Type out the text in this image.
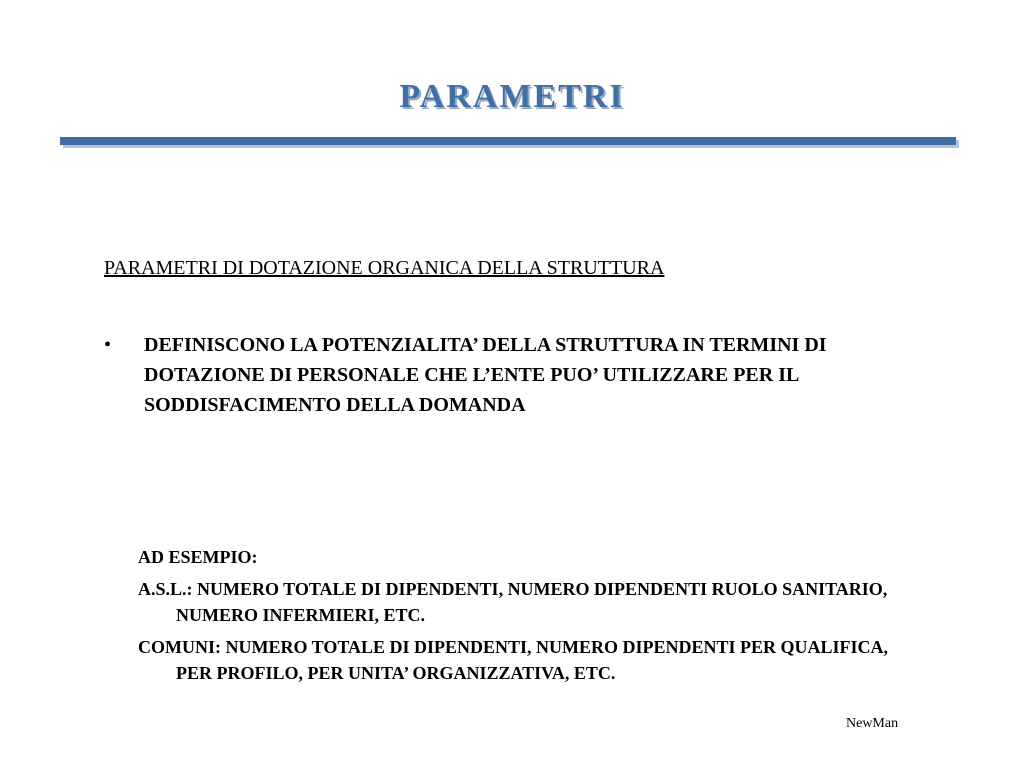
PARAMETRI

PARAMETRI DI DOTAZIONE ORGANICA DELLA STRUTTURA

• DEFINISCONO LA POTENZIALITA’ DELLA STRUTTURA IN TERMINI DI DOTAZIONE DI PERSONALE CHE L’ENTE PUO’ UTILIZZARE PER IL SODDISFACIMENTO DELLA DOMANDA
AD ESEMPIO:
A.S.L.: NUMERO TOTALE DI DIPENDENTI, NUMERO DIPENDENTI RUOLO SANITARIO, NUMERO INFERMIERI, ETC.
COMUNI: NUMERO TOTALE DI DIPENDENTI, NUMERO DIPENDENTI PER QUALIFICA, PER PROFILO, PER UNITA’ ORGANIZZATIVA, ETC.
NewMan
